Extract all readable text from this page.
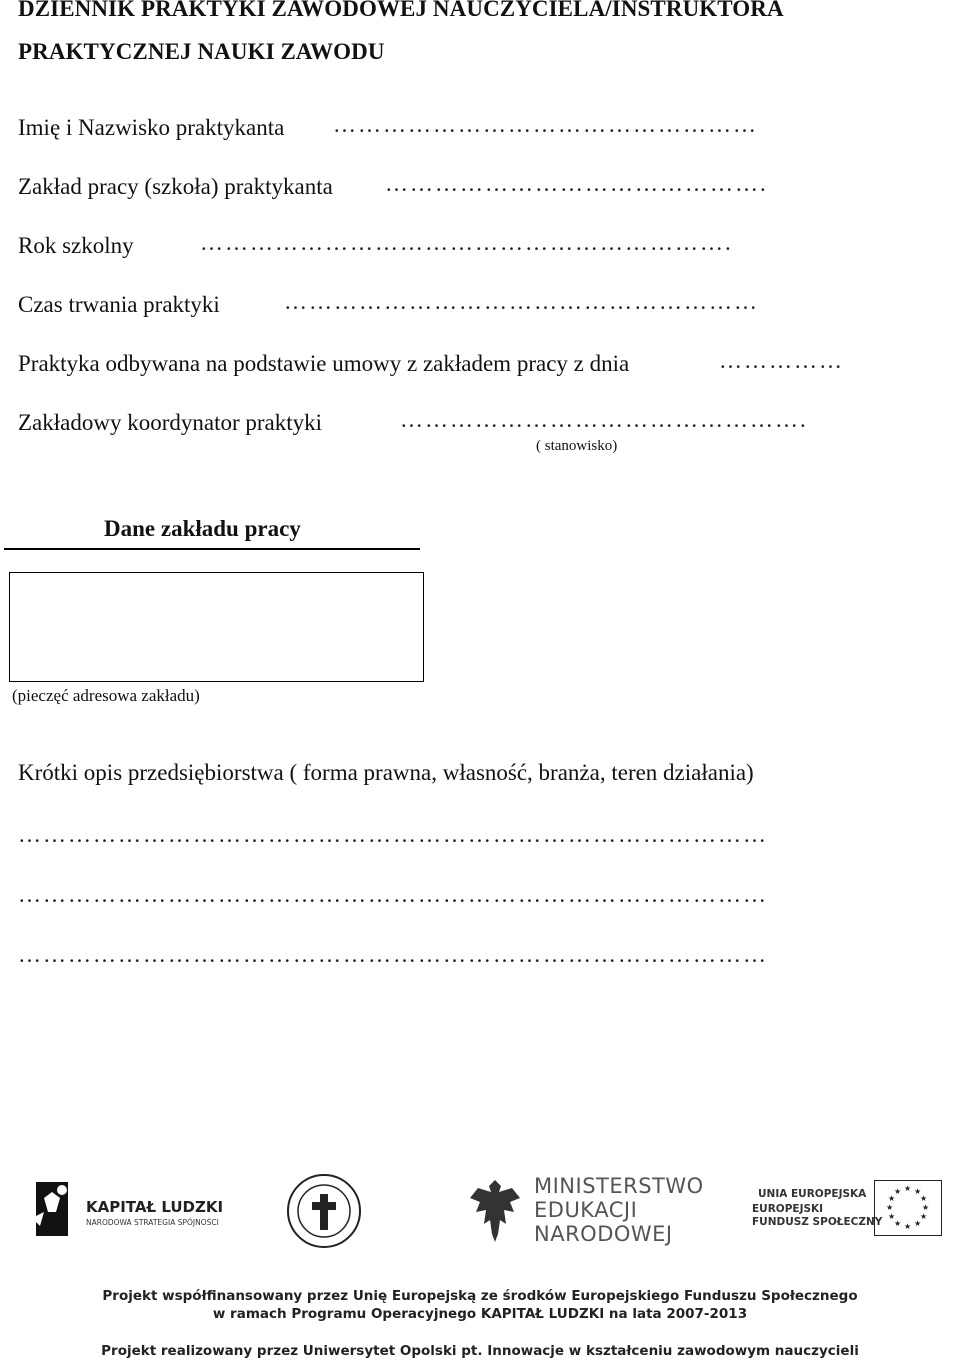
DZIENNIK PRAKTYKI ZAWODOWEJ NAUCZYCIELA/INSTRUKTORA
PRAKTYCZNEJ NAUKI ZAWODU
Imię i Nazwisko praktykanta ……………………………………………
Zakład pracy (szkoła) praktykanta ……………………………………….
Rok szkolny	……………………………………………………….
Czas trwania praktyki	…………………………………………………
Praktyka odbywana na podstawie umowy z zakładem pracy z dnia	……………
Zakładowy koordynator praktyki	………………………………………….
( stanowisko)
Dane zakładu pracy
(pieczęć adresowa zakładu)
Krótki opis przedsiębiorstwa ( forma prawna, własność, branża, teren działania)
………………………………………………………………………………
………………………………………………………………………………
………………………………………………………………………………
KAPITAŁ LUDZKI
NARODOWA STRATEGIA SPÓJNOŚCI
MINISTERSTWO
EDUKACJI
NARODOWEJ
UNIA EUROPEJSKA
EUROPEJSKI
FUNDUSZ SPOŁECZNY
★ ★
★
★
★
★
★
★
★
★
★
★
Projekt współfinansowany przez Unię Europejską ze środków Europejskiego Funduszu Społecznego
w ramach Programu Operacyjnego KAPITAŁ LUDZKI na lata 2007-2013
Projekt realizowany przez Uniwersytet Opolski pt. Innowacje w kształceniu zawodowym nauczycieli
